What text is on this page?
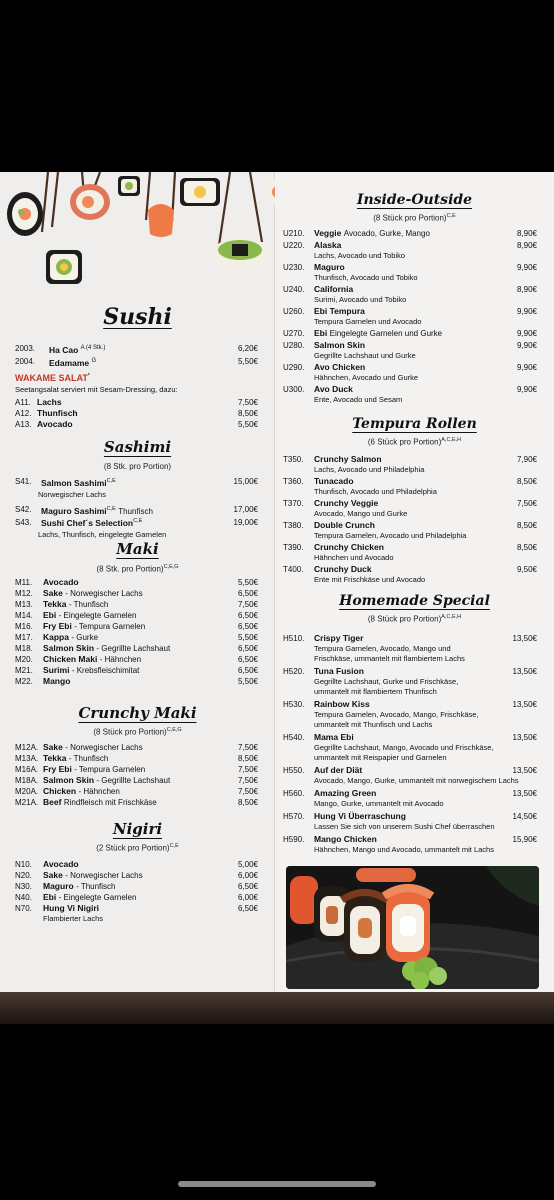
Sushi
2003.	Ha Cao $^{A (4 Stk.)}$	6,20€
2004.	Edamame $^G$	5,50€
WAKAME $SALAT^{^1}$
Seetangsalat serviert mit Sesam-Dressing, dazu:
A11. Lachs	7,50€
A12. Thunfisch	8,50€
A13. Avocado	5,50€
Sashimi
(8 Stk. pro Portion)
S41.	Salmon Sashimi$^{C,E}$	15,00€
Norwegischer Lachs
S42.	Maguro Sashimi$^{C,E}$ Thunfisch	17,00€
S43.	Sushi Chef´s Selection$^{C,E}$	19,00€
Lachs, Thunfisch, eingelegte Garnelen
Maki
(8 Stk. pro Portion)$^{C,E,G}$
M11.	Avocado	5,50€
M12.	Sake - Norwegischer Lachs	6,50€
M13.	Tekka - Thunfisch	7,50€
M14.	Ebi - Eingelegte Garnelen	6,50€
M16.	Fry Ebi - Tempura Garnelen	6,50€
M17.	Kappa - Gurke	5,50€
M18.	Salmon Skin - Gegrillte Lachshaut	6,50€
M20.	Chicken Maki - Hähnchen	6,50€
M21.	Surimi - Krebsfleischimitat	6,50€
M22.	Mango	5,50€
Crunchy Maki
(8 Stück pro Portion)$^{C,E,G}$
M12A. Sake - Norwegischer Lachs	7,50€
M13A. Tekka - Thunfisch	8,50€
M16A. Fry Ebi - Tempura Garnelen	7,50€
M18A. Salmon Skin - Gegrillte Lachshaut	7,50€
M20A. Chicken - Hähnchen	7,50€
M21A. Beef Rindfleisch mit Frischkäse	8,50€
Nigiri
(2 Stück pro Portion)$^{C,E}$
N10.	Avocado	5,00€
N20.	Sake - Norwegischer Lachs	6,00€
N30.	Maguro - Thunfisch	6,50€
N40.	Ebi - Eingelegte Garnelen	6,00€
N70.	Hung Vi Nigiri	6,50€
Flambierter Lachs
Inside-Outside
(8 Stück pro Portion)$^{C,E}$
U210.	Veggie Avocado, Gurke, Mango	8,90€
U220.	Alaska	8,90€
Lachs, Avocado und Tobiko
U230.	Maguro	9,90€
Thunfisch, Avocado und Tobiko
U240.	California	8,90€
Surimi, Avocado und Tobiko
U260.	Ebi Tempura	9,90€
Tempura Garnelen und Avocado
U270.	Ebi Eingelegte Garnelen und Gurke	9,90€
U280.	Salmon Skin	9,90€
Gegrillte Lachshaut und Gurke
U290.	Avo Chicken	9,90€
Hähnchen, Avocado und Gurke
U300.	Avo Duck	9,90€
Ente, Avocado und Sesam
Tempura Rollen
(6 Stück pro Portion)$^{A,C,E,H}$
T350.	Crunchy Salmon	7,90€
Lachs, Avocado und Philadelphia
T360.	Tunacado	8,50€
Thunfisch, Avocado und Philadelphia
T370.	Crunchy Veggie	7,50€
Avocado, Mango und Gurke
T380.	Double Crunch	8,50€
Tempura Garnelen, Avocado und Philadelphia
T390.	Crunchy Chicken	8,50€
Hähnchen und Avocado
T400.	Crunchy Duck	9,50€
Ente mit Frischkäse und Avocado
Homemade Special
(8 Stück pro Portion)$^{A,C,E,H}$
H510.	Crispy Tiger	13,50€
Tempura Garnelen, Avocado, Mango und
Frischkäse, ummantelt mit flambiertem Lachs
H520.	Tuna Fusion	13,50€
Gegrillte Lachshaut, Gurke und Frischkäse,
ummantelt mit flambiertem Thunfisch
H530.	Rainbow Kiss	13,50€
Tempura Garnelen, Avocado, Mango, Frischkäse,
ummantelt mit Thunfisch und Lachs
H540.	Mama Ebi	13,50€
Gegrillte Lachshaut, Mango, Avocado und Frischkäse,
ummantelt mit Reispapier und Garnelen
H550.	Auf der Diät	13,50€
Avocado, Mango, Gurke, ummantelt mit norwegischem Lachs
H560.	Amazing Green	13,50€
Mango, Gurke, ummantelt mit Avocado
H570.	Hung Vi Überraschung	14,50€
Lassen Sie sich von unserem Sushi Chef überraschen
H590.	Mango Chicken	15,90€
Hähnchen, Mango und Avocado, ummantelt mit Lachs
